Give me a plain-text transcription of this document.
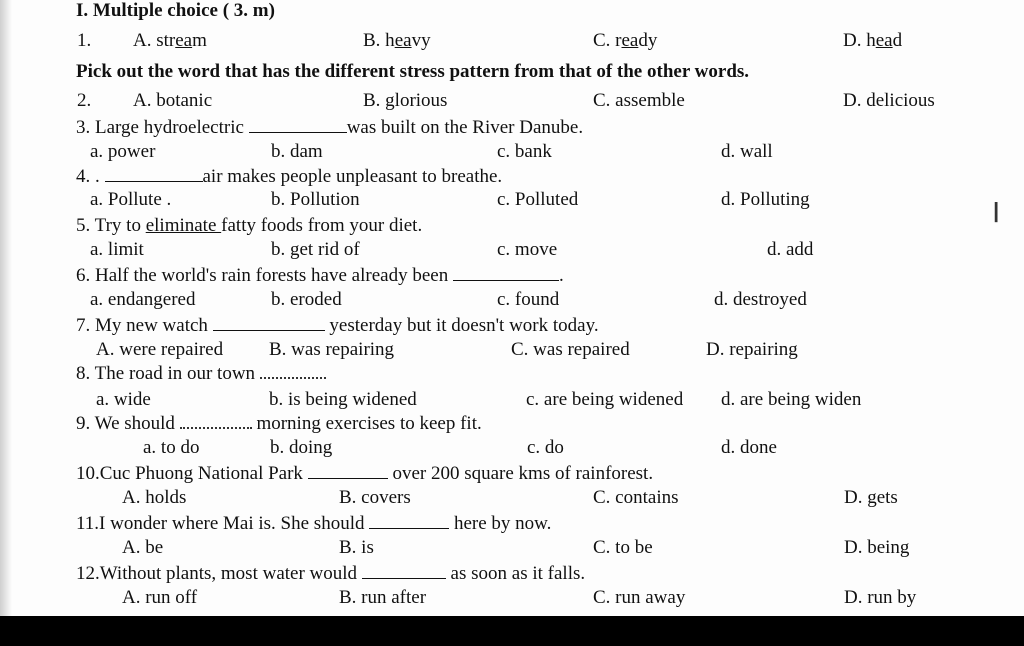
I. Multiple choice ( 3. m)
1. A. stream	B. heavy	C. ready	D. head
Pick out the word that has the different stress pattern from that of the other words.
2. A. botanic	B. glorious	C. assemble	D. delicious
3. Large hydroelectric	was built on the River Danube.
a. power	b. dam	c. bank	d. wall
4. .	air makes people unpleasant to breathe.
a. Pollute .	b. Pollution	c. Polluted	d. Polluting
5. Try to eliminate fatty foods from your diet.
a. limit	b. get rid of	c. move	d. add
6. Half the world's rain forests have already been	.
a. endangered	b. eroded	c. found	d. destroyed
7. My new watch	yesterday but it doesn't work today.
A. were repaired B. was repairing	C. was repaired	D. repairing
8. The road in our town
a. wide	b. is being widened	c. are being widened d. are being widen
9. We should	morning exercises to keep fit.
a. to do	b. doing	c. do	d. done
10.Cuc Phuong National Park	over 200 square kms of rainforest.
A. holds	B. covers	C. contains	D. gets
11.I wonder where Mai is. She should	here by now.
A. be	B. is	C. to be	D. being
12.Without plants, most water would	as soon as it falls.
A. run off	B. run after	C. run away	D. run by
I
